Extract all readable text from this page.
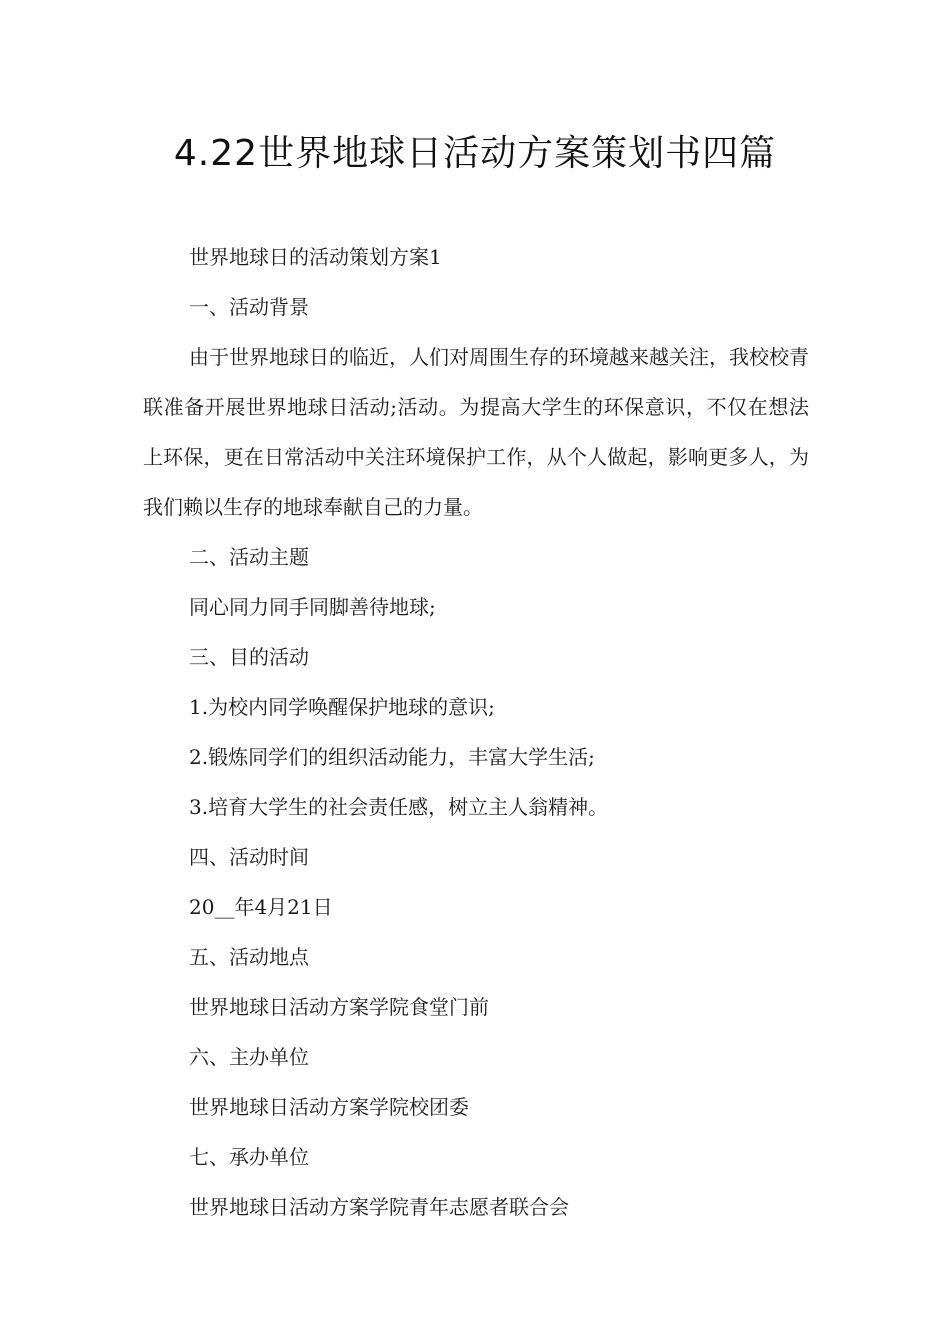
4.22世界地球日活动方案策划书四篇
世界地球日的活动策划方案1
一、活动背景

由于世界地球日的临近，人们对周围生存的环境越来越关注，我校校青联准备开展世界地球日活动;活动。为提高大学生的环保意识，不仅在想法上环保，更在日常活动中关注环境保护工作，从个人做起，影响更多人，为我们赖以生存的地球奉献自己的力量。

二、活动主题
同心同力同手同脚善待地球;
三、目的活动
1.为校内同学唤醒保护地球的意识;
2.锻炼同学们的组织活动能力，丰富大学生活;
3.培育大学生的社会责任感，树立主人翁精神。
四、活动时间
20__年4月21日
五、活动地点
世界地球日活动方案学院食堂门前
六、主办单位
世界地球日活动方案学院校团委
七、承办单位
世界地球日活动方案学院青年志愿者联合会
